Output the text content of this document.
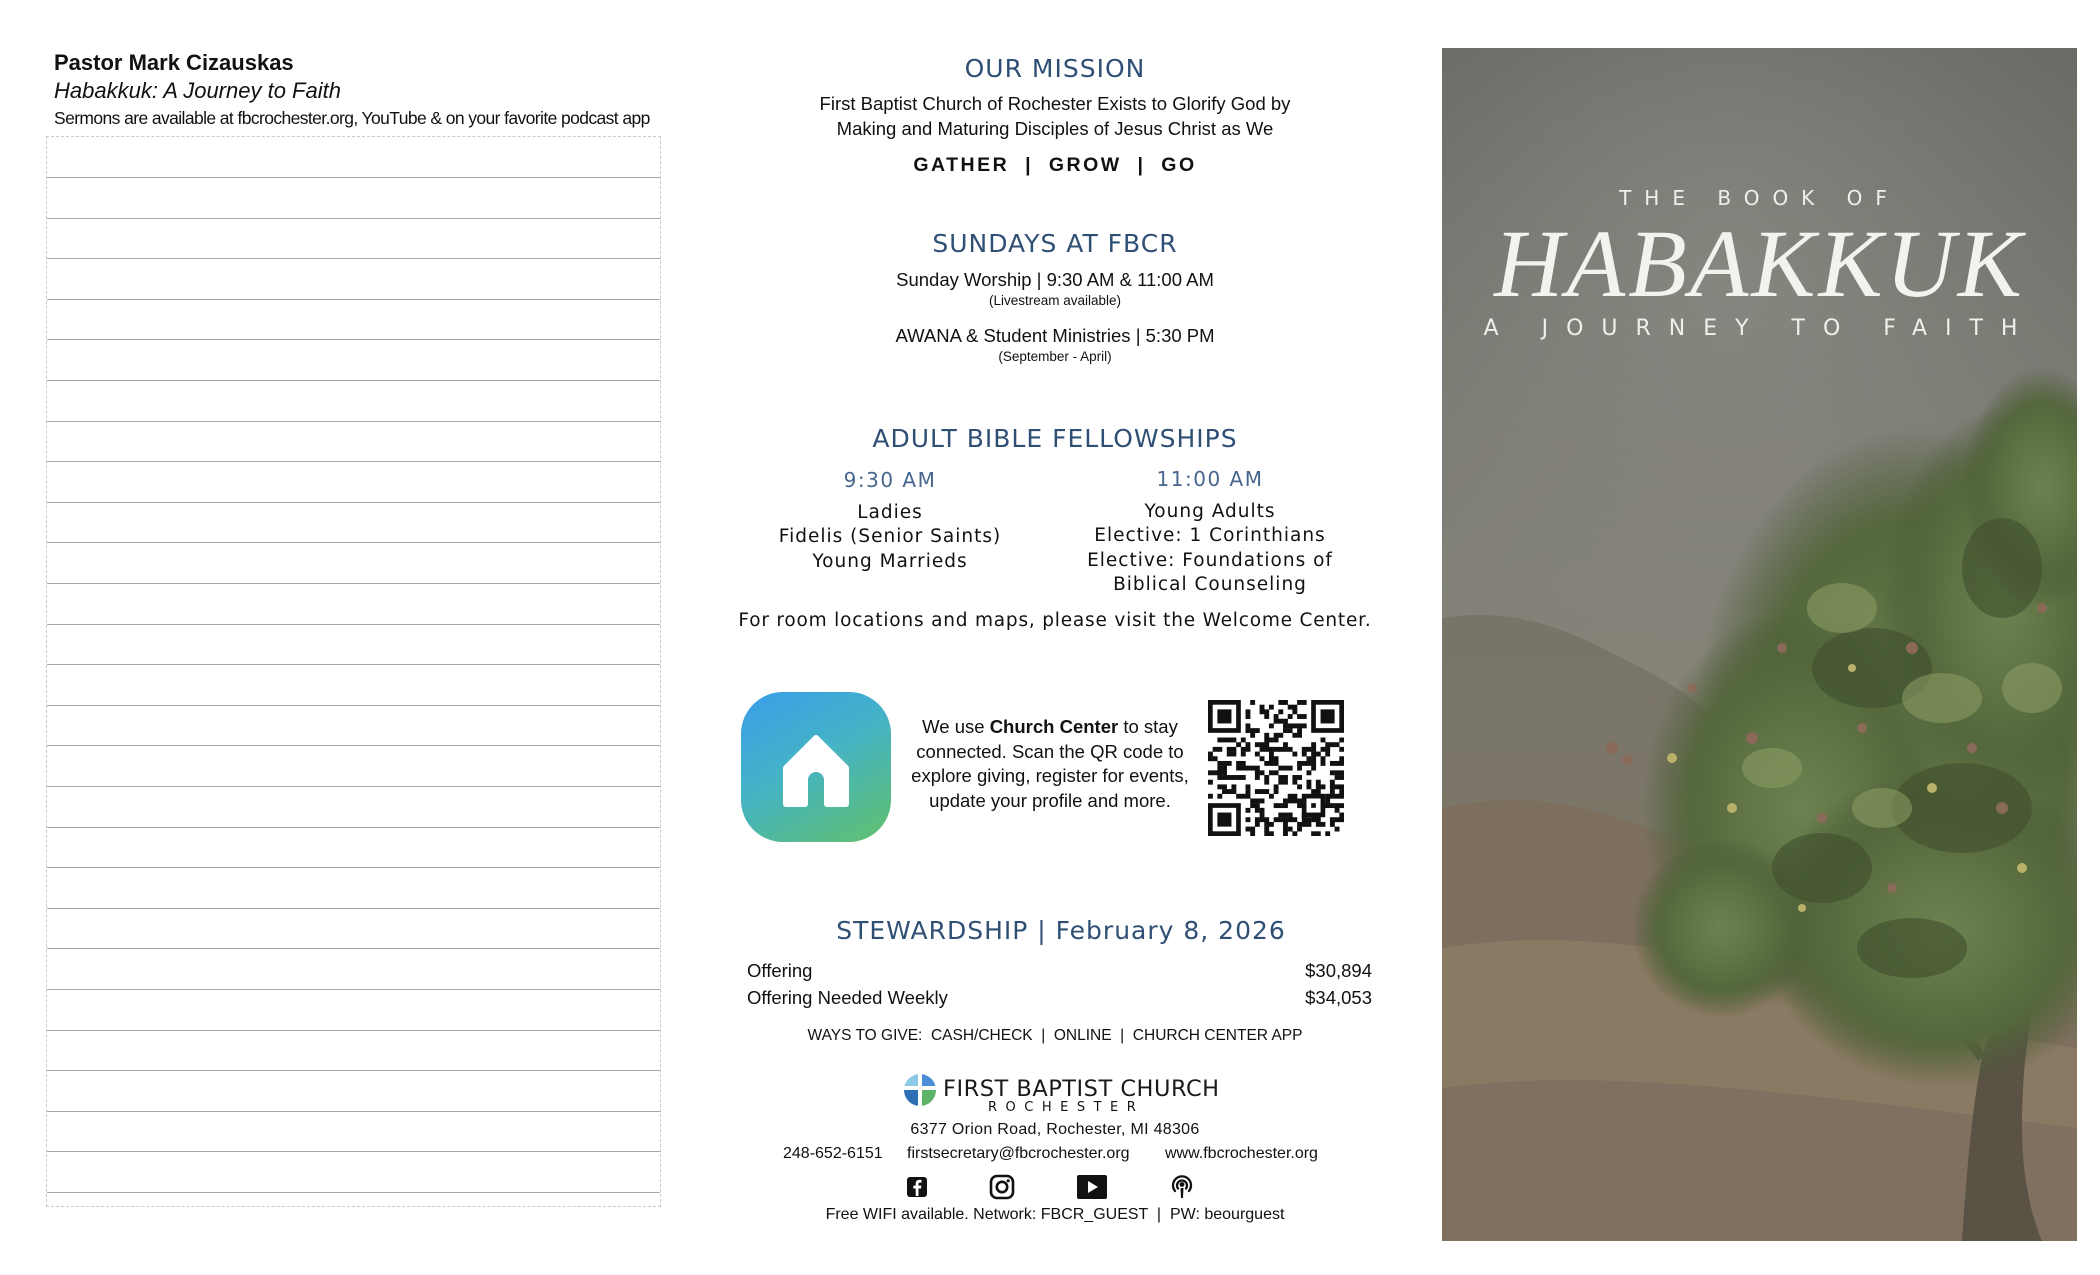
Pastor Mark Cizauskas
Habakkuk: A Journey to Faith
Sermons are available at fbcrochester.org, YouTube & on your favorite podcast app
OUR MISSION
First Baptist Church of Rochester Exists to Glorify God by
Making and Maturing Disciples of Jesus Christ as We
GATHER  |  GROW  |  GO
SUNDAYS AT FBCR
Sunday Worship | 9:30 AM & 11:00 AM
(Livestream available)
AWANA & Student Ministries | 5:30 PM
(September - April)
ADULT BIBLE FELLOWSHIPS
9:30 AM
Ladies
Fidelis (Senior Saints)
Young Marrieds
11:00 AM
Young Adults
Elective: 1 Corinthians
Elective: Foundations of
Biblical Counseling
For room locations and maps, please visit the Welcome Center.
We use Church Center to stay
connected. Scan the QR code to
explore giving, register for events,
update your profile and more.
STEWARDSHIP | February 8, 2026
Offering	$30,894
Offering Needed Weekly	$34,053
WAYS TO GIVE:  CASH/CHECK  |  ONLINE  |  CHURCH CENTER APP
FIRST BAPTIST CHURCH
ROCHESTER
6377 Orion Road, Rochester, MI 48306
248-652-6151 firstsecretary@fbcrochester.org www.fbcrochester.org
Free WIFI available. Network: FBCR_GUEST  |  PW: beourguest
THE BOOK OF
HABAKKUK
A JOURNEY TO FAITH
